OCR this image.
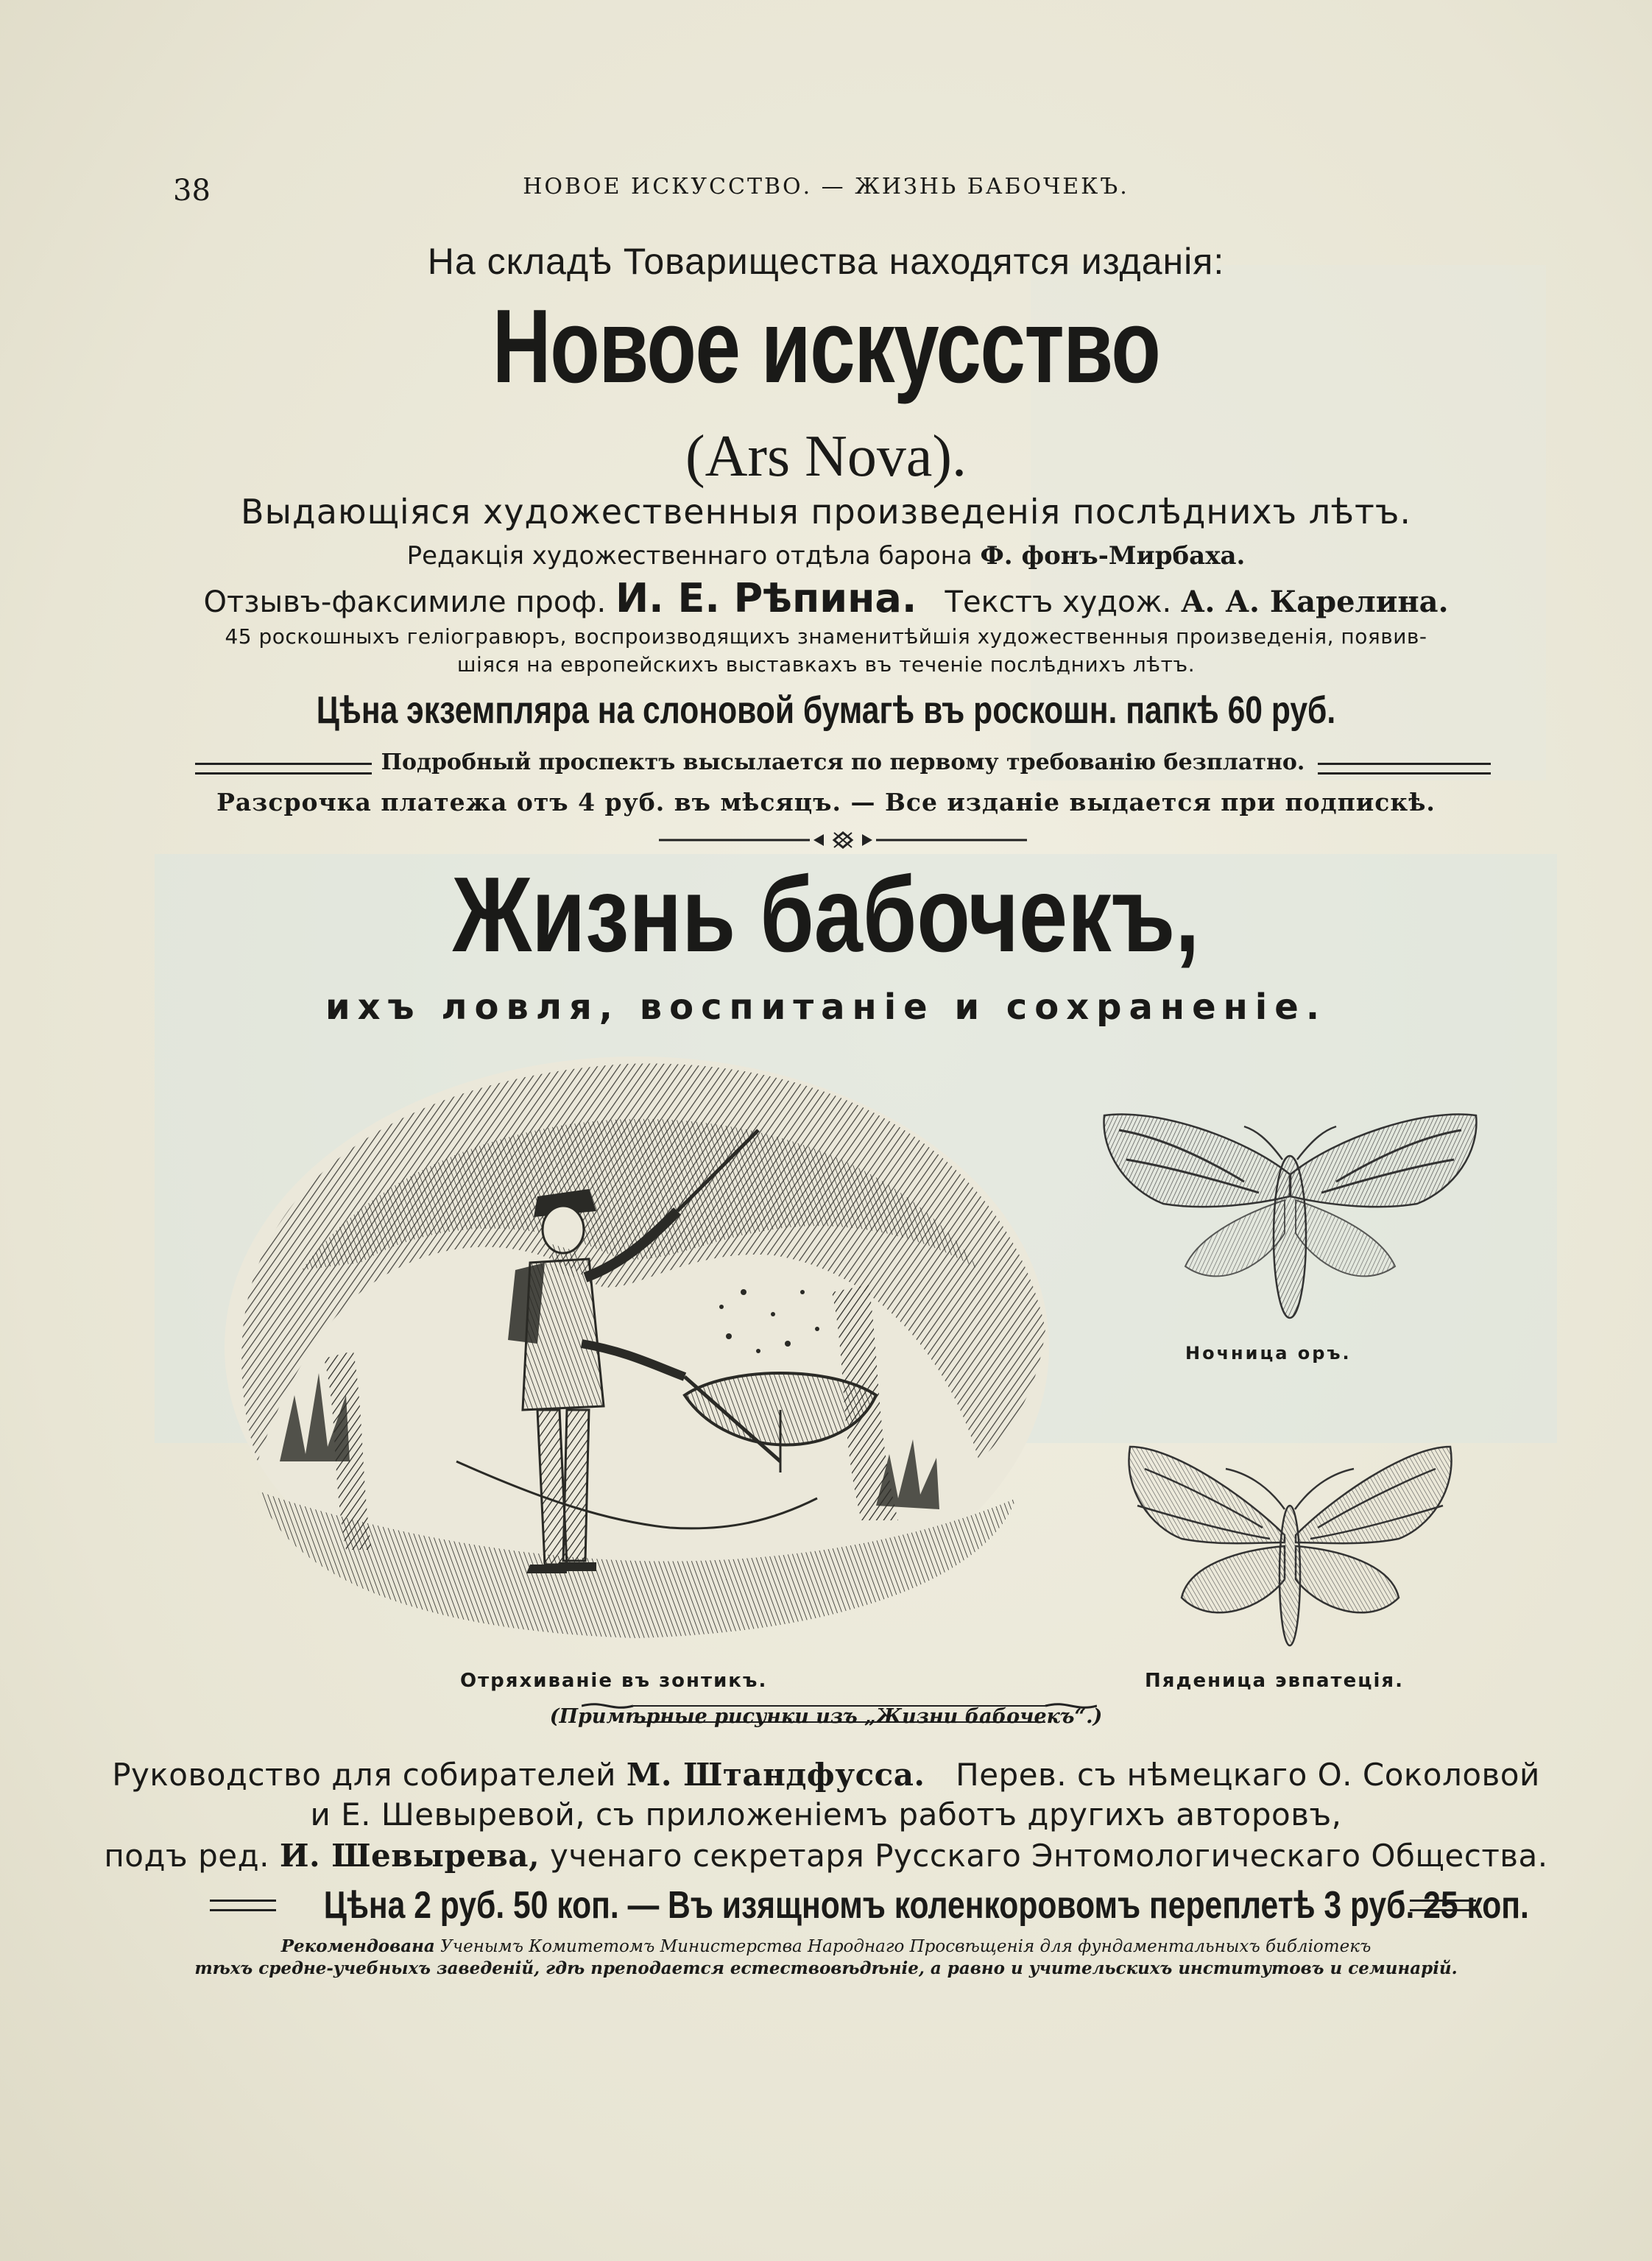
38	НОВОЕ ИСКУССТВО. — ЖИЗНЬ БАБОЧЕКЪ.
На складѣ Товарищества находятся изданія:
Новое искусство
(Ars Nova).
Выдающіяся художественныя произведенія послѣднихъ лѣтъ.
Редакція художественнаго отдѣла барона Ф. фонъ-Мирбаха.
Отзывъ-факсимиле проф. И. Е. Рѣпина. Текстъ худож. А. А. Карелина.
45 роскошныхъ геліогравюръ, воспроизводящихъ знаменитѣйшія художественныя произведенія, появив-
шіяся на европейскихъ выставкахъ въ теченіе послѣднихъ лѣтъ.
Цѣна экземпляра на слоновой бумагѣ въ роскошн. папкѣ 60 руб.
Подробный проспектъ высылается по первому требованію безплатно.
Разсрочка платежа отъ 4 руб. въ мѣсяцъ. — Все изданіе выдается при подпискѣ.
Жизнь бабочекъ,
ихъ ловля, воспитаніе и сохраненіе.
Отряхиваніе въ зонтикъ.
Ночница оръ.
Пяденица эвпатеція.
(Примѣрные рисунки изъ „Жизни бабочекъ“.)
Руководство для собирателей М. Штандфусса. Перев. съ нѣмецкаго О. Соколовой
и Е. Шевыревой, съ приложеніемъ работъ другихъ авторовъ,
подъ ред. И. Шевырева, ученаго секретаря Русскаго Энтомологическаго Общества.
Цѣна 2 руб. 50 коп. — Въ изящномъ коленкоровомъ переплетѣ 3 руб. 25 коп.
Рекомендована Ученымъ Комитетомъ Министерства Народнаго Просвѣщенія для фундаментальныхъ библіотекъ
тѣхъ средне-учебныхъ заведеній, гдѣ преподается естествовѣдѣніе, а равно и учительскихъ институтовъ и семинарій.
